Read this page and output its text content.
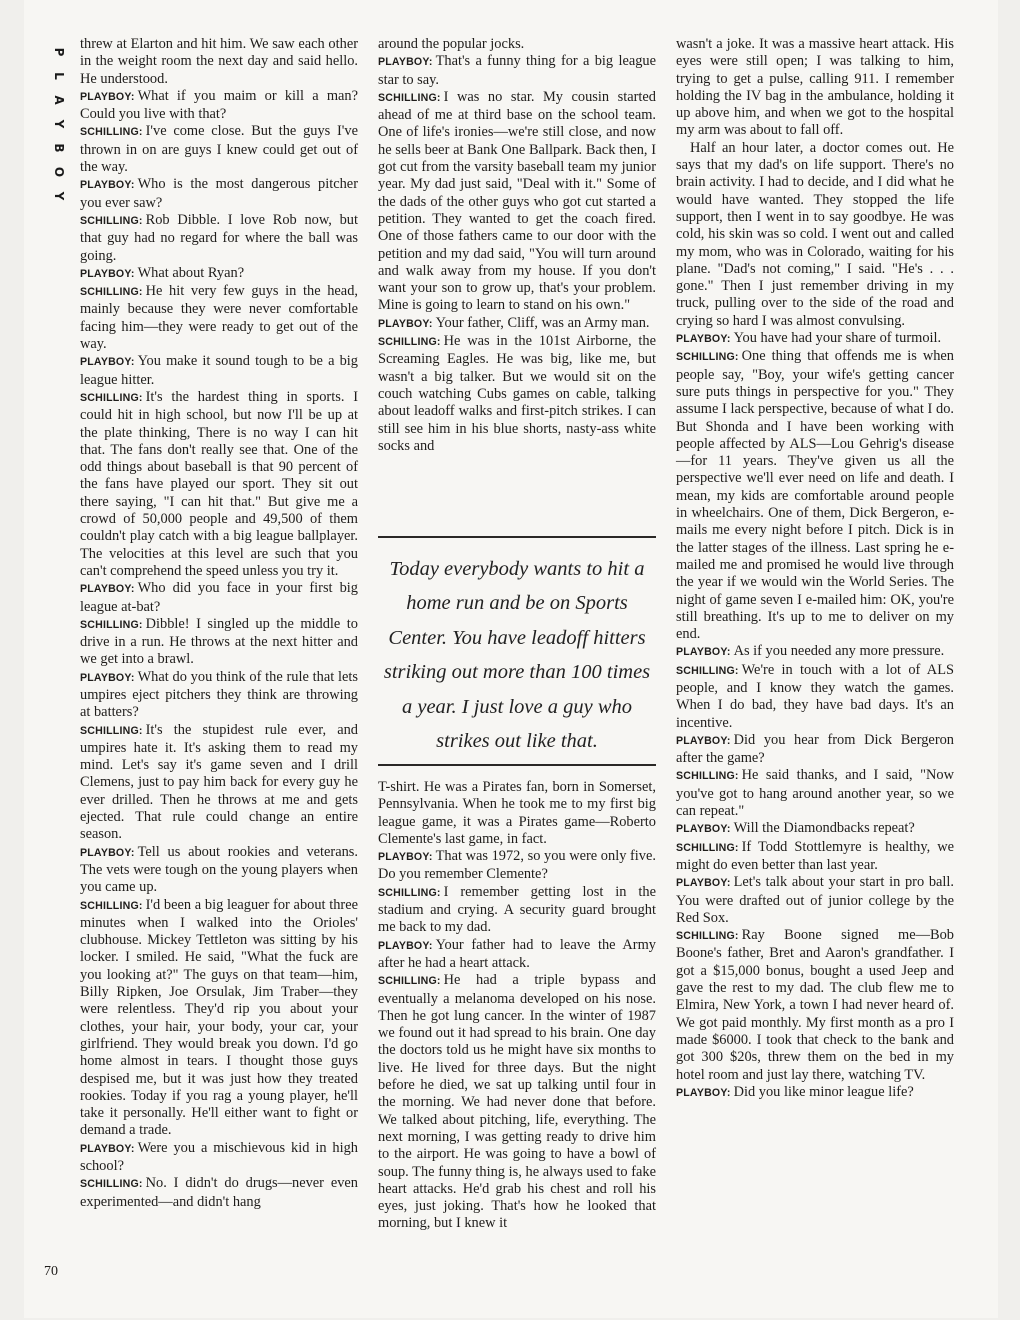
P
L
A
Y
B
O
Y

threw at Elarton and hit him. We saw each other in the weight room the next day and said hello. He understood.

PLAYBOY: What if you maim or kill a man? Could you live with that?

SCHILLING: I've come close. But the guys I've thrown in on are guys I knew could get out of the way.

PLAYBOY: Who is the most dangerous pitcher you ever saw?

SCHILLING: Rob Dibble. I love Rob now, but that guy had no regard for where the ball was going.

PLAYBOY: What about Ryan?

SCHILLING: He hit very few guys in the head, mainly because they were never comfortable facing him—they were ready to get out of the way.

PLAYBOY: You make it sound tough to be a big league hitter.

SCHILLING: It's the hardest thing in sports. I could hit in high school, but now I'll be up at the plate thinking, There is no way I can hit that. The fans don't really see that. One of the odd things about baseball is that 90 percent of the fans have played our sport. They sit out there saying, "I can hit that." But give me a crowd of 50,000 people and 49,500 of them couldn't play catch with a big league ballplayer. The velocities at this level are such that you can't comprehend the speed unless you try it.

PLAYBOY: Who did you face in your first big league at-bat?

SCHILLING: Dibble! I singled up the middle to drive in a run. He throws at the next hitter and we get into a brawl.

PLAYBOY: What do you think of the rule that lets umpires eject pitchers they think are throwing at batters?

SCHILLING: It's the stupidest rule ever, and umpires hate it. It's asking them to read my mind. Let's say it's game seven and I drill Clemens, just to pay him back for every guy he ever drilled. Then he throws at me and gets ejected. That rule could change an entire season.

PLAYBOY: Tell us about rookies and veterans. The vets were tough on the young players when you came up.

SCHILLING: I'd been a big leaguer for about three minutes when I walked into the Orioles' clubhouse. Mickey Tettleton was sitting by his locker. I smiled. He said, "What the fuck are you looking at?" The guys on that team—him, Billy Ripken, Joe Orsulak, Jim Traber—they were relentless. They'd rip you about your clothes, your hair, your body, your car, your girlfriend. They would break you down. I'd go home almost in tears. I thought those guys despised me, but it was just how they treated rookies. Today if you rag a young player, he'll take it personally. He'll either want to fight or demand a trade.

PLAYBOY: Were you a mischievous kid in high school?

SCHILLING: No. I didn't do drugs—never even experimented—and didn't hang

around the popular jocks.

PLAYBOY: That's a funny thing for a big league star to say.

SCHILLING: I was no star. My cousin started ahead of me at third base on the school team. One of life's ironies—we're still close, and now he sells beer at Bank One Ballpark. Back then, I got cut from the varsity baseball team my junior year. My dad just said, "Deal with it." Some of the dads of the other guys who got cut started a petition. They wanted to get the coach fired. One of those fathers came to our door with the petition and my dad said, "You will turn around and walk away from my house. If you don't want your son to grow up, that's your problem. Mine is going to learn to stand on his own."

PLAYBOY: Your father, Cliff, was an Army man.

SCHILLING: He was in the 101st Airborne, the Screaming Eagles. He was big, like me, but wasn't a big talker. But we would sit on the couch watching Cubs games on cable, talking about leadoff walks and first-pitch strikes. I can still see him in his blue shorts, nasty-ass white socks and

Today everybody wants to hit a home run and be on Sports Center. You have leadoff hitters striking out more than 100 times a year. I just love a guy who strikes out like that.

T-shirt. He was a Pirates fan, born in Somerset, Pennsylvania. When he took me to my first big league game, it was a Pirates game—Roberto Clemente's last game, in fact.

PLAYBOY: That was 1972, so you were only five. Do you remember Clemente?

SCHILLING: I remember getting lost in the stadium and crying. A security guard brought me back to my dad.

PLAYBOY: Your father had to leave the Army after he had a heart attack.

SCHILLING: He had a triple bypass and eventually a melanoma developed on his nose. Then he got lung cancer. In the winter of 1987 we found out it had spread to his brain. One day the doctors told us he might have six months to live. He lived for three days. But the night before he died, we sat up talking until four in the morning. We had never done that before. We talked about pitching, life, everything. The next morning, I was getting ready to drive him to the airport. He was going to have a bowl of soup. The funny thing is, he always used to fake heart attacks. He'd grab his chest and roll his eyes, just joking. That's how he looked that morning, but I knew it

wasn't a joke. It was a massive heart attack. His eyes were still open; I was talking to him, trying to get a pulse, calling 911. I remember holding the IV bag in the ambulance, holding it up above him, and when we got to the hospital my arm was about to fall off.

Half an hour later, a doctor comes out. He says that my dad's on life support. There's no brain activity. I had to decide, and I did what he would have wanted. They stopped the life support, then I went in to say goodbye. He was cold, his skin was so cold. I went out and called my mom, who was in Colorado, waiting for his plane. "Dad's not coming," I said. "He's . . . gone." Then I just remember driving in my truck, pulling over to the side of the road and crying so hard I was almost convulsing.

PLAYBOY: You have had your share of turmoil.

SCHILLING: One thing that offends me is when people say, "Boy, your wife's getting cancer sure puts things in perspective for you." They assume I lack perspective, because of what I do. But Shonda and I have been working with people affected by ALS—Lou Gehrig's disease—for 11 years. They've given us all the perspective we'll ever need on life and death. I mean, my kids are comfortable around people in wheelchairs. One of them, Dick Bergeron, e-mails me every night before I pitch. Dick is in the latter stages of the illness. Last spring he e-mailed me and promised he would live through the year if we would win the World Series. The night of game seven I e-mailed him: OK, you're still breathing. It's up to me to deliver on my end.

PLAYBOY: As if you needed any more pressure.

SCHILLING: We're in touch with a lot of ALS people, and I know they watch the games. When I do bad, they have bad days. It's an incentive.

PLAYBOY: Did you hear from Dick Bergeron after the game?

SCHILLING: He said thanks, and I said, "Now you've got to hang around another year, so we can repeat."

PLAYBOY: Will the Diamondbacks repeat?

SCHILLING: If Todd Stottlemyre is healthy, we might do even better than last year.

PLAYBOY: Let's talk about your start in pro ball. You were drafted out of junior college by the Red Sox.

SCHILLING: Ray Boone signed me—Bob Boone's father, Bret and Aaron's grandfather. I got a $15,000 bonus, bought a used Jeep and gave the rest to my dad. The club flew me to Elmira, New York, a town I had never heard of. We got paid monthly. My first month as a pro I made $6000. I took that check to the bank and got 300 $20s, threw them on the bed in my hotel room and just lay there, watching TV.

PLAYBOY: Did you like minor league life?

70
